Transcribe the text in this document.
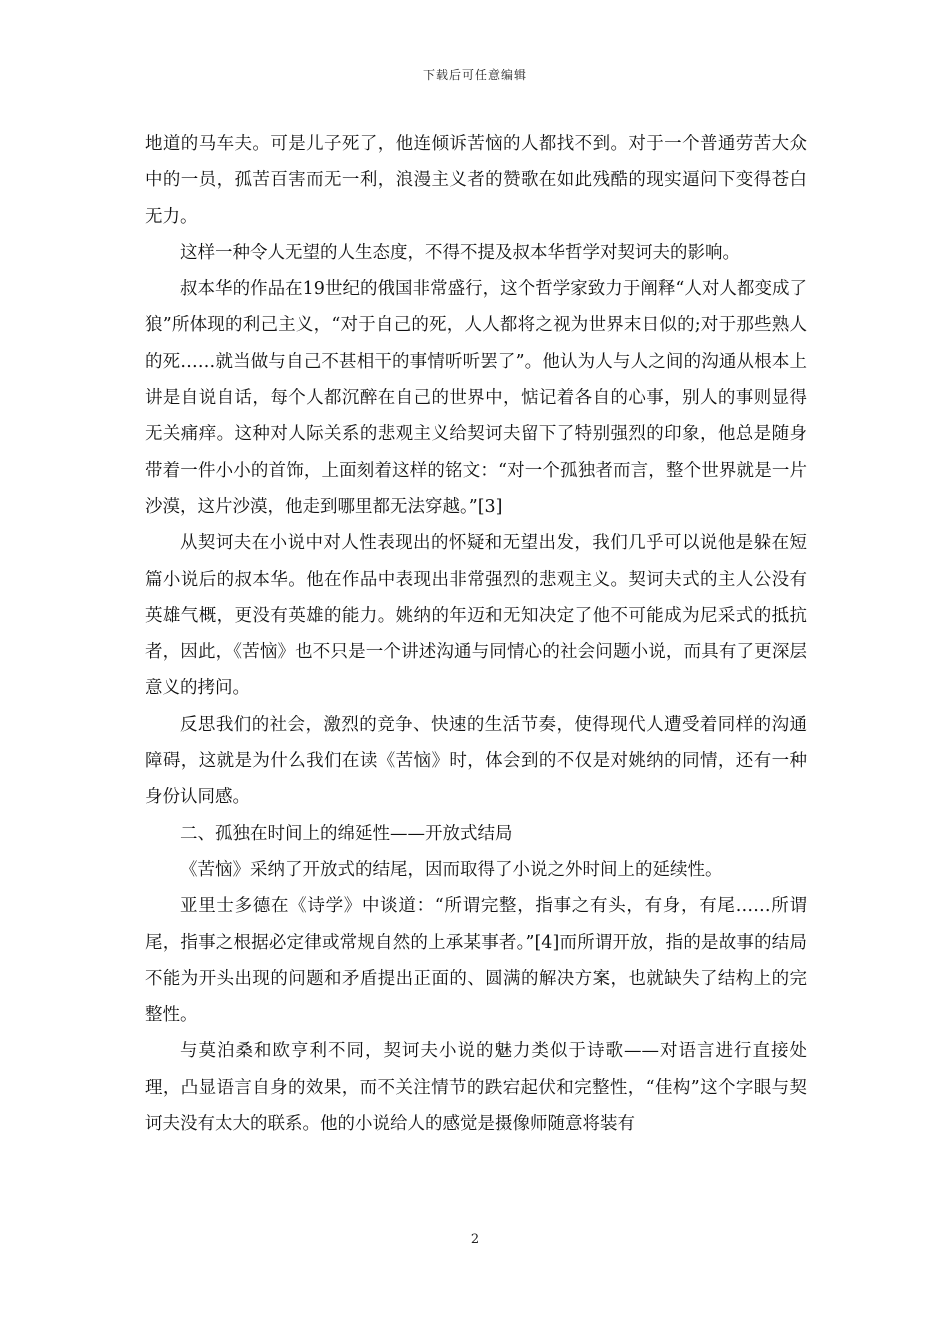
下载后可任意编辑

地道的马车夫。可是儿子死了，他连倾诉苦恼的人都找不到。对于一个普通劳苦大众中的一员，孤苦百害而无一利，浪漫主义者的赞歌在如此残酷的现实逼问下变得苍白无力。

这样一种令人无望的人生态度，不得不提及叔本华哲学对契诃夫的影响。

叔本华的作品在19世纪的俄国非常盛行，这个哲学家致力于阐释“人对人都变成了狼”所体现的利己主义，“对于自己的死，人人都将之视为世界末日似的;对于那些熟人的死……就当做与自己不甚相干的事情听听罢了”。他认为人与人之间的沟通从根本上讲是自说自话，每个人都沉醉在自己的世界中，惦记着各自的心事，别人的事则显得无关痛痒。这种对人际关系的悲观主义给契诃夫留下了特别强烈的印象，他总是随身带着一件小小的首饰，上面刻着这样的铭文：“对一个孤独者而言，整个世界就是一片沙漠，这片沙漠，他走到哪里都无法穿越。”[3]

从契诃夫在小说中对人性表现出的怀疑和无望出发，我们几乎可以说他是躲在短篇小说后的叔本华。他在作品中表现出非常强烈的悲观主义。契诃夫式的主人公没有英雄气概，更没有英雄的能力。姚纳的年迈和无知决定了他不可能成为尼采式的抵抗者，因此，《苦恼》也不只是一个讲述沟通与同情心的社会问题小说，而具有了更深层意义的拷问。

反思我们的社会，激烈的竞争、快速的生活节奏，使得现代人遭受着同样的沟通障碍，这就是为什么我们在读《苦恼》时，体会到的不仅是对姚纳的同情，还有一种身份认同感。

二、孤独在时间上的绵延性——开放式结局

《苦恼》采纳了开放式的结尾，因而取得了小说之外时间上的延续性。

亚里士多德在《诗学》中谈道：“所谓完整，指事之有头，有身，有尾……所谓尾，指事之根据必定律或常规自然的上承某事者。”[4]而所谓开放，指的是故事的结局不能为开头出现的问题和矛盾提出正面的、圆满的解决方案，也就缺失了结构上的完整性。

与莫泊桑和欧亨利不同，契诃夫小说的魅力类似于诗歌——对语言进行直接处理，凸显语言自身的效果，而不关注情节的跌宕起伏和完整性，“佳构”这个字眼与契诃夫没有太大的联系。他的小说给人的感觉是摄像师随意将装有

2
